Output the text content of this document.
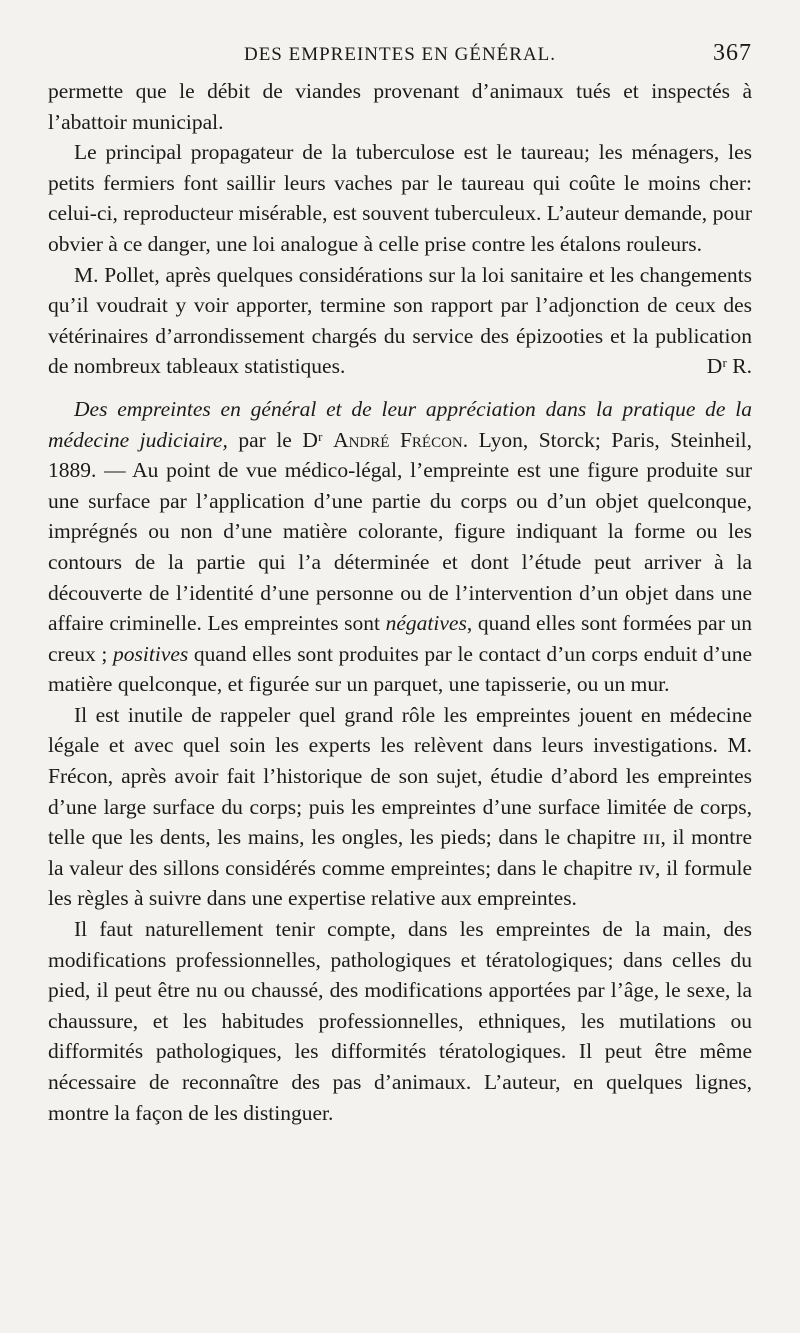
DES EMPREINTES EN GÉNÉRAL.	367

permette que le débit de viandes provenant d’animaux tués et inspectés à l’abattoir municipal.

Le principal propagateur de la tuberculose est le taureau; les ménagers, les petits fermiers font saillir leurs vaches par le taureau qui coûte le moins cher: celui-ci, reproducteur misérable, est souvent tuberculeux. L’auteur demande, pour obvier à ce danger, une loi analogue à celle prise contre les étalons rouleurs.

M. Pollet, après quelques considérations sur la loi sanitaire et les changements qu’il voudrait y voir apporter, termine son rapport par l’adjonction de ceux des vétérinaires d’arrondissement chargés du service des épizooties et la publication de nombreux tableaux statistiques.	Dʳ R.

Des empreintes en général et de leur appréciation dans la pratique de la médecine judiciaire, par le Dʳ André Frécon. Lyon, Storck; Paris, Steinheil, 1889. — Au point de vue médico-légal, l’empreinte est une figure produite sur une surface par l’application d’une partie du corps ou d’un objet quelconque, imprégnés ou non d’une matière colorante, figure indiquant la forme ou les contours de la partie qui l’a déterminée et dont l’étude peut arriver à la découverte de l’identité d’une personne ou de l’intervention d’un objet dans une affaire criminelle. Les empreintes sont négatives, quand elles sont formées par un creux ; positives quand elles sont produites par le contact d’un corps enduit d’une matière quelconque, et figurée sur un parquet, une tapisserie, ou un mur.

Il est inutile de rappeler quel grand rôle les empreintes jouent en médecine légale et avec quel soin les experts les relèvent dans leurs investigations. M. Frécon, après avoir fait l’historique de son sujet, étudie d’abord les empreintes d’une large surface du corps; puis les empreintes d’une surface limitée de corps, telle que les dents, les mains, les ongles, les pieds; dans le chapitre ɪɪɪ, il montre la valeur des sillons considérés comme empreintes; dans le chapitre ɪᴠ, il formule les règles à suivre dans une expertise relative aux empreintes.

Il faut naturellement tenir compte, dans les empreintes de la main, des modifications professionnelles, pathologiques et tératologiques; dans celles du pied, il peut être nu ou chaussé, des modifications apportées par l’âge, le sexe, la chaussure, et les habitudes professionnelles, ethniques, les mutilations ou difformités pathologiques, les difformités tératologiques. Il peut être même nécessaire de reconnaître des pas d’animaux. L’auteur, en quelques lignes, montre la façon de les distinguer.
